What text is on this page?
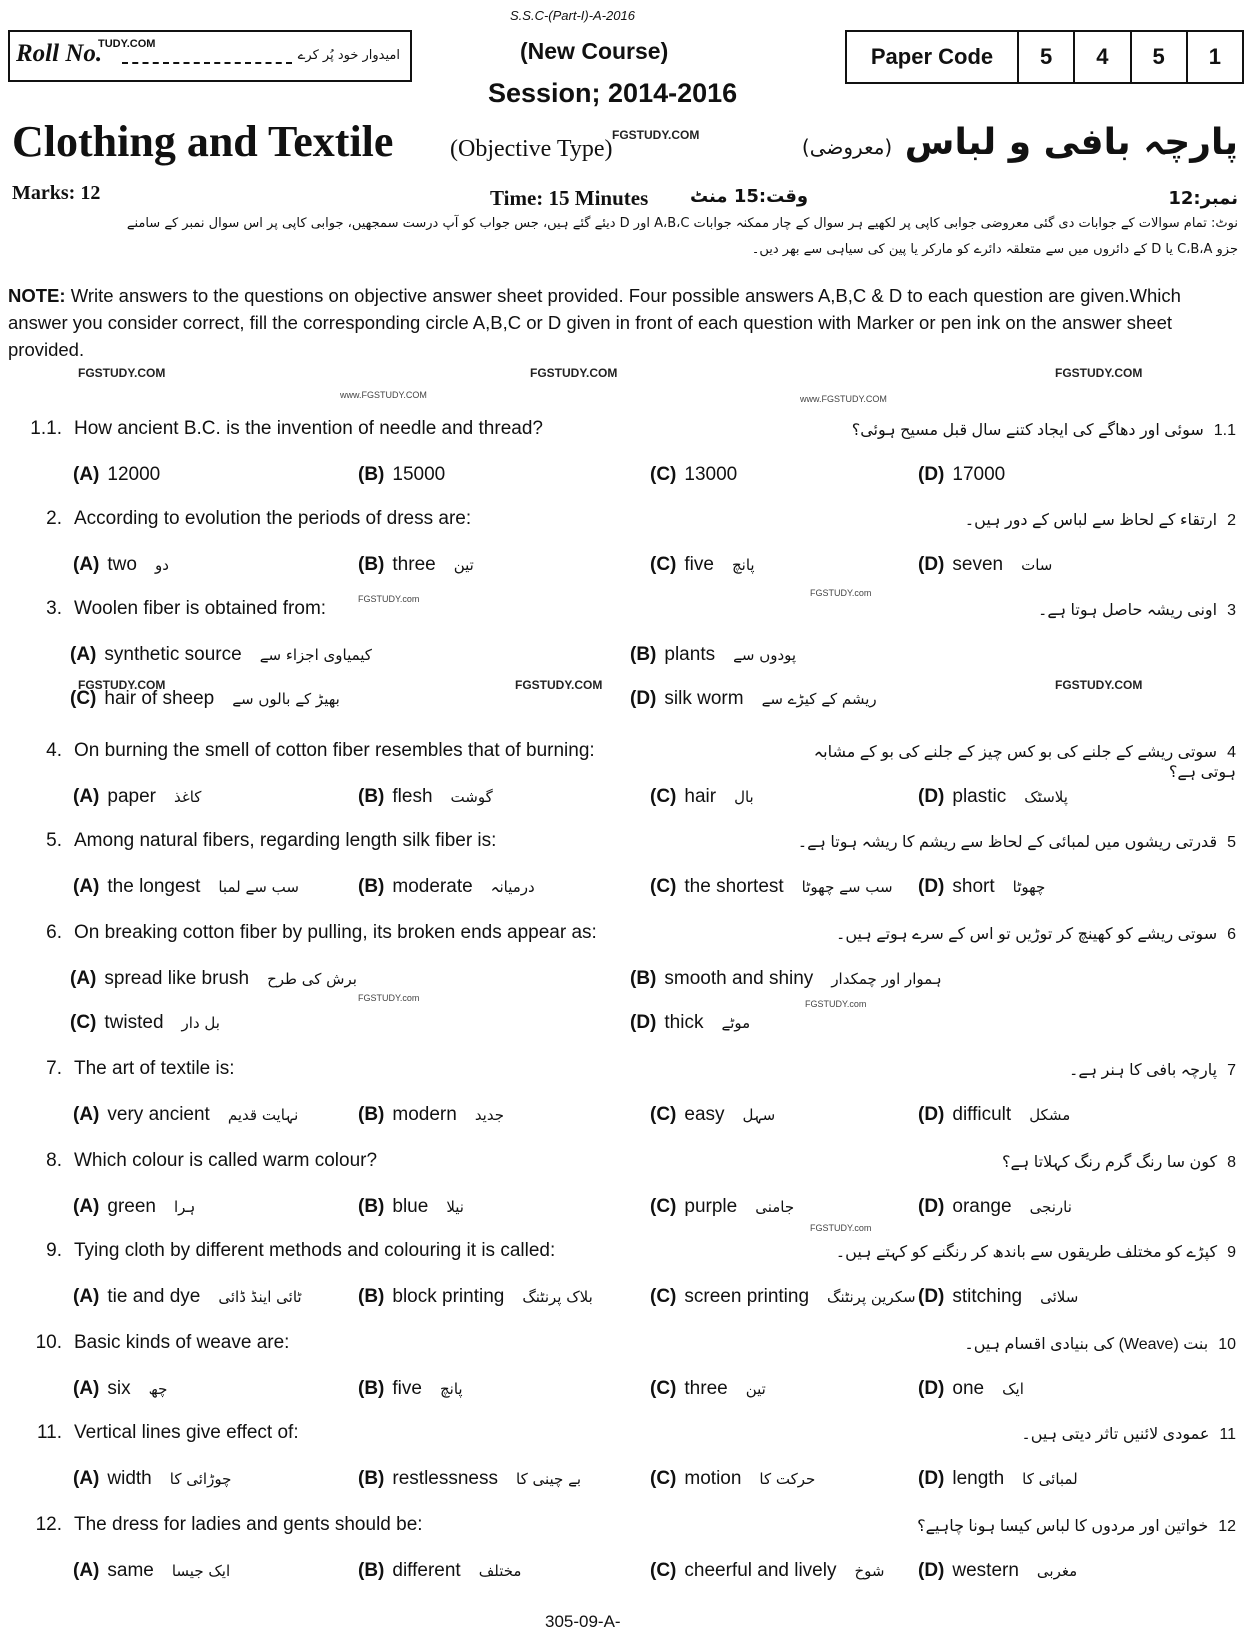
S.S.C-(Part-I)-A-2016
Roll No.
TUDY.COM
امیدوار خود پُر کرے	(New Course)
Session; 2014-2016
Paper Code	5	4	5	1
Clothing and Textile (Objective Type)
FGSTUDY.COM	پارچہ بافی و لباس (معروضی)
Marks: 12	Time: 15 Minutes وقت:15 منٹ	نمبر:12
نوٹ: تمام سوالات کے جوابات دی گئی معروضی جوابی کاپی پر لکھیے ہر سوال کے چار ممکنہ جوابات A،B،C اور D دیئے گئے ہیں، جس جواب کو آپ درست سمجھیں، جوابی کاپی پر اس سوال نمبر کے سامنے
جزو C،B،A یا D کے دائروں میں سے متعلقہ دائرے کو مارکر یا پین کی سیاہی سے بھر دیں۔
NOTE: Write answers to the questions on objective answer sheet provided. Four possible answers A,B,C & D to each question are given.Which answer you consider correct, fill the corresponding circle A,B,C or D given in front of each question with Marker or pen ink on the answer sheet provided.
FGSTUDY.COM	FGSTUDY.COM	FGSTUDY.COM
www.FGSTUDY.COM	www.FGSTUDY.COM
1.1. How ancient B.C. is the invention of needle and thread?	1.1سوئی اور دھاگے کی ایجاد کتنے سال قبل مسیح ہوئی؟
(A) 12000	(B) 15000	(C) 13000	(D) 17000
2. According to evolution the periods of dress are:	2ارتقاء کے لحاظ سے لباس کے دور ہیں۔
(A) two دو	(B) three تین	(C) five پانچ	(D) seven سات
3. Woolen fiber is obtained from:	3اونی ریشہ حاصل ہوتا ہے۔
(A) synthetic source کیمیاوی اجزاء سے	(B) plants پودوں سے
(C) hair of sheep بھیڑ کے بالوں سے	(D) silk worm ریشم کے کیڑے سے
4. On burning the smell of cotton fiber resembles that of burning:	4سوتی ریشے کے جلنے کی بو کس چیز کے جلنے کی بو کے مشابہ ہوتی ہے؟
(A) paper کاغذ	(B) flesh گوشت	(C) hair بال	(D) plastic پلاسٹک
5. Among natural fibers, regarding length silk fiber is:	5قدرتی ریشوں میں لمبائی کے لحاظ سے ریشم کا ریشہ ہوتا ہے۔
(A) the longest سب سے لمبا	(B) moderate درمیانہ	(C) the shortest سب سے چھوٹا (D) short چھوٹا
6. On breaking cotton fiber by pulling, its broken ends appear as:	6سوتی ریشے کو کھینچ کر توڑیں تو اس کے سرے ہوتے ہیں۔
(A) spread like brush برش کی طرح	(B) smooth and shiny ہموار اور چمکدار
(C) twisted بل دار	(D) thick موٹے
7. The art of textile is:	7پارچہ بافی کا ہنر ہے۔
(A) very ancient نہایت قدیم	(B) modern جدید	(C) easy سہل	(D) difficult مشکل
8. Which colour is called warm colour?	8کون سا رنگ گرم رنگ کہلاتا ہے؟
(A) green ہرا	(B) blue نیلا	(C) purple جامنی	(D) orange نارنجی
9. Tying cloth by different methods and colouring it is called:	9کپڑے کو مختلف طریقوں سے باندھ کر رنگنے کو کہتے ہیں۔
(A) tie and dye ٹائی اینڈ ڈائی	(B) block printing بلاک پرنٹنگ	(C) screen printing سکرین پرنٹنگ (D) stitching سلائی
10. Basic kinds of weave are:	10بنت (Weave) کی بنیادی اقسام ہیں۔
(A) six چھ	(B) five پانچ	(C) three تین	(D) one ایک
11. Vertical lines give effect of:	11عمودی لائنیں تاثر دیتی ہیں۔
(A) width چوڑائی کا	(B) restlessness بے چینی کا	(C) motion حرکت کا	(D) length لمبائی کا
12. The dress for ladies and gents should be:	12خواتین اور مردوں کا لباس کیسا ہونا چاہیے؟
(A) same ایک جیسا	(B) different مختلف	(C) cheerful and lively شوخ (D) western مغربی
FGSTUDY.COM	FGSTUDY.COM	FGSTUDY.COM
FGSTUDY.com
FGSTUDY.com
FGSTUDY.com
FGSTUDY.com
FGSTUDY.com
305-09-A-
